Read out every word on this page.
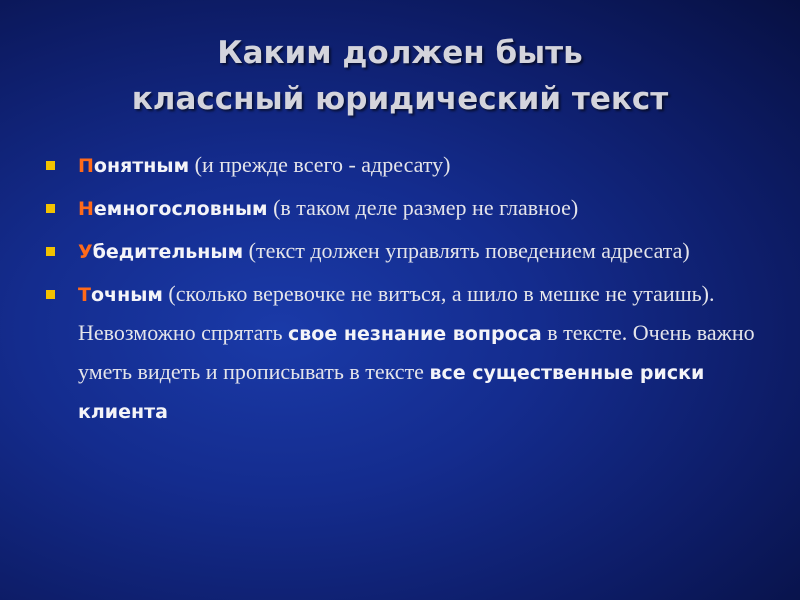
Каким должен быть
классный юридический текст
Понятным (и прежде всего - адресату)
Немногословным (в таком деле размер не главное)
Убедительным (текст должен управлять поведением адресата)
Точным (сколько веревочке не витъся, а шило в мешке не утаишь). Невозможно спрятать свое незнание вопроса в тексте. Очень важно уметь видеть и прописывать в тексте все существенные риски клиента
